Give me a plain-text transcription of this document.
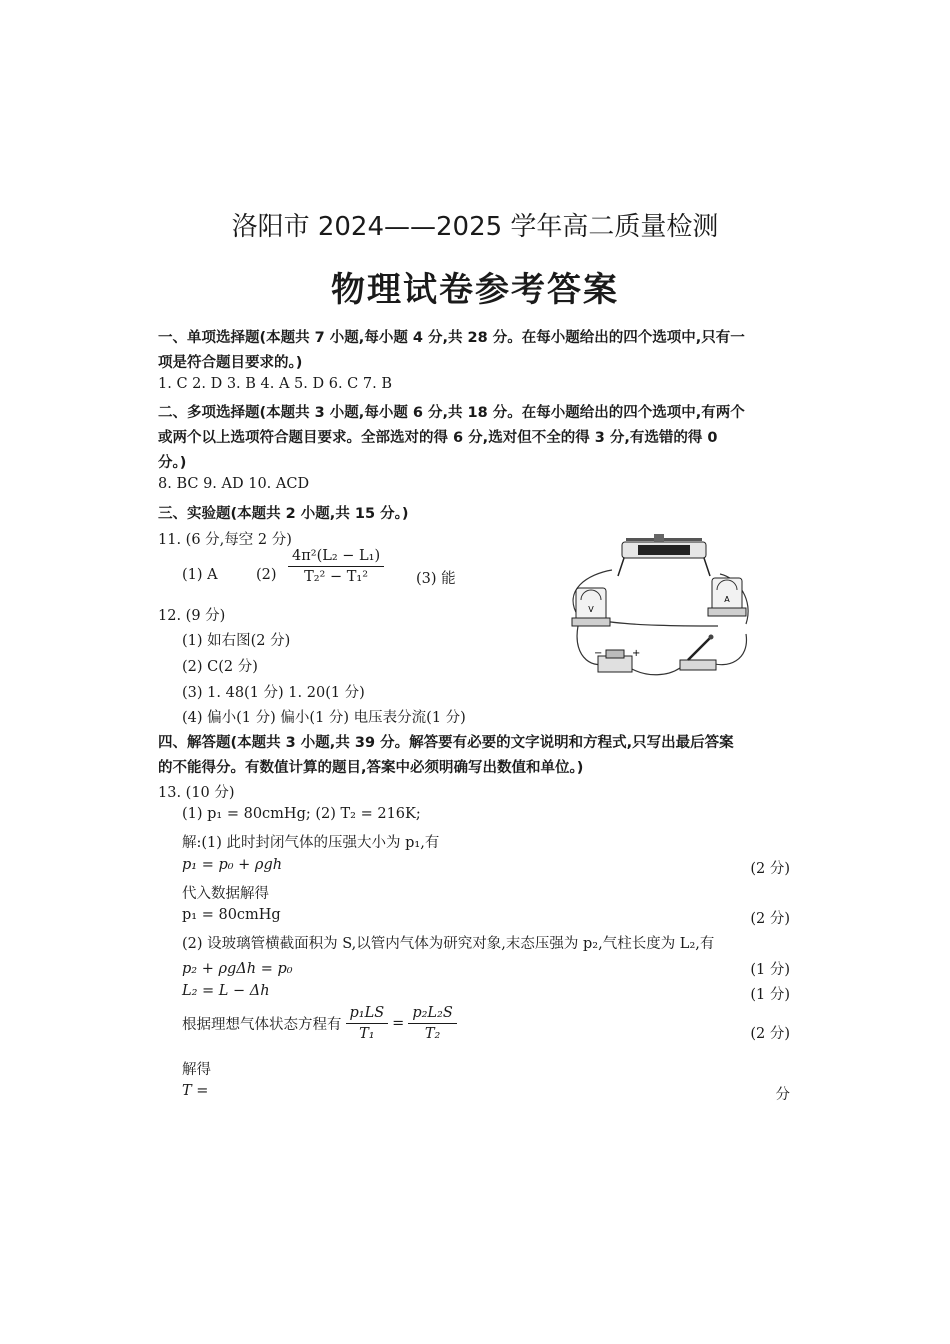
洛阳市 2024——2025 学年高二质量检测
物理试卷参考答案
一、单项选择题(本题共 7 小题,每小题 4 分,共 28 分。在每小题给出的四个选项中,只有一
项是符合题目要求的。)
1. C 2. D 3. B 4. A 5. D 6. C 7. B
二、多项选择题(本题共 3 小题,每小题 6 分,共 18 分。在每小题给出的四个选项中,有两个
或两个以上选项符合题目要求。全部选对的得 6 分,选对但不全的得 3 分,有选错的得 0
分。)
8. BC 9. AD 10. ACD
三、实验题(本题共 2 小题,共 15 分。)
11. (6 分,每空 2 分)
(1) A	$(2) \frac{\text{4π²(L₂ − L₁)}}{\text{T₂² − T₁²}} (3)$ 能
12. (9 分)
(1) 如右图(2 分)
(2) C(2 分)
(3) 1. 48(1 分) 1. 20(1 分)
(4) 偏小(1 分) 偏小(1 分) 电压表分流(1 分)
V
A
−	+
四、解答题(本题共 3 小题,共 39 分。解答要有必要的文字说明和方程式,只写出最后答案
的不能得分。有数值计算的题目,答案中必须明确写出数值和单位。)
13. (10 分)
(1) p₁ = 80cmHg; (2) T₂ = 216K;
解:(1) 此时封闭气体的压强大小为 p₁,有
p₁ = p₀ + ρgh	(2 分)
代入数据解得
p₁ = 80cmHg	(2 分)
(2) 设玻璃管横截面积为 S,以管内气体为研究对象,末态压强为 p₂,气柱长度为 L₂,有
p₂ + ρgΔh = p₀	(1 分)
L₂ = L − Δh	(1 分)
根据理想气体状态方程有 $\frac{\text{p₁LS}}{\text{T₁}} = \frac{\text{p₂L₂S}}{\text{T₂}}$	(2 分)
解得
T =	分
